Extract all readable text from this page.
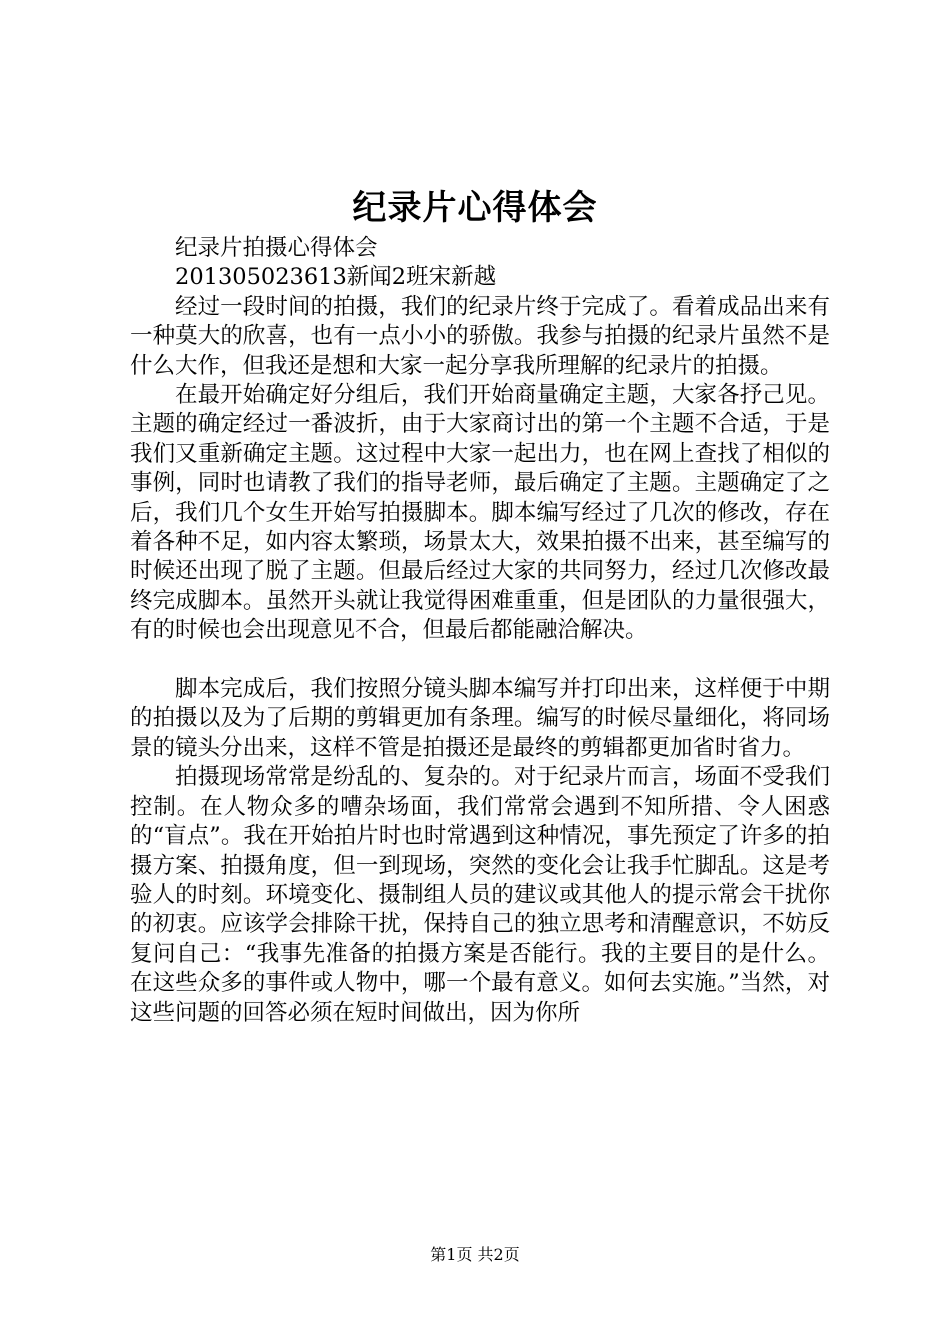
纪录片心得体会

纪录片拍摄心得体会

201305023613新闻2班宋新越

经过一段时间的拍摄，我们的纪录片终于完成了。看着成品出来有一种莫大的欣喜，也有一点小小的骄傲。我参与拍摄的纪录片虽然不是什么大作，但我还是想和大家一起分享我所理解的纪录片的拍摄。

在最开始确定好分组后，我们开始商量确定主题，大家各抒己见。主题的确定经过一番波折，由于大家商讨出的第一个主题不合适，于是我们又重新确定主题。这过程中大家一起出力，也在网上查找了相似的事例，同时也请教了我们的指导老师，最后确定了主题。主题确定了之后，我们几个女生开始写拍摄脚本。脚本编写经过了几次的修改，存在着各种不足，如内容太繁琐，场景太大，效果拍摄不出来，甚至编写的时候还出现了脱了主题。但最后经过大家的共同努力，经过几次修改最终完成脚本。虽然开头就让我觉得困难重重，但是团队的力量很强大，有的时候也会出现意见不合，但最后都能融洽解决。

脚本完成后，我们按照分镜头脚本编写并打印出来，这样便于中期的拍摄以及为了后期的剪辑更加有条理。编写的时候尽量细化，将同场景的镜头分出来，这样不管是拍摄还是最终的剪辑都更加省时省力。

拍摄现场常常是纷乱的、复杂的。对于纪录片而言，场面不受我们控制。在人物众多的嘈杂场面，我们常常会遇到不知所措、令人困惑的“盲点”。我在开始拍片时也时常遇到这种情况，事先预定了许多的拍摄方案、拍摄角度，但一到现场，突然的变化会让我手忙脚乱。这是考验人的时刻。环境变化、摄制组人员的建议或其他人的提示常会干扰你的初衷。应该学会排除干扰，保持自己的独立思考和清醒意识，不妨反复问自己：“我事先准备的拍摄方案是否能行。我的主要目的是什么。在这些众多的事件或人物中，哪一个最有意义。如何去实施。”当然，对这些问题的回答必须在短时间做出，因为你所

第1页 共2页
